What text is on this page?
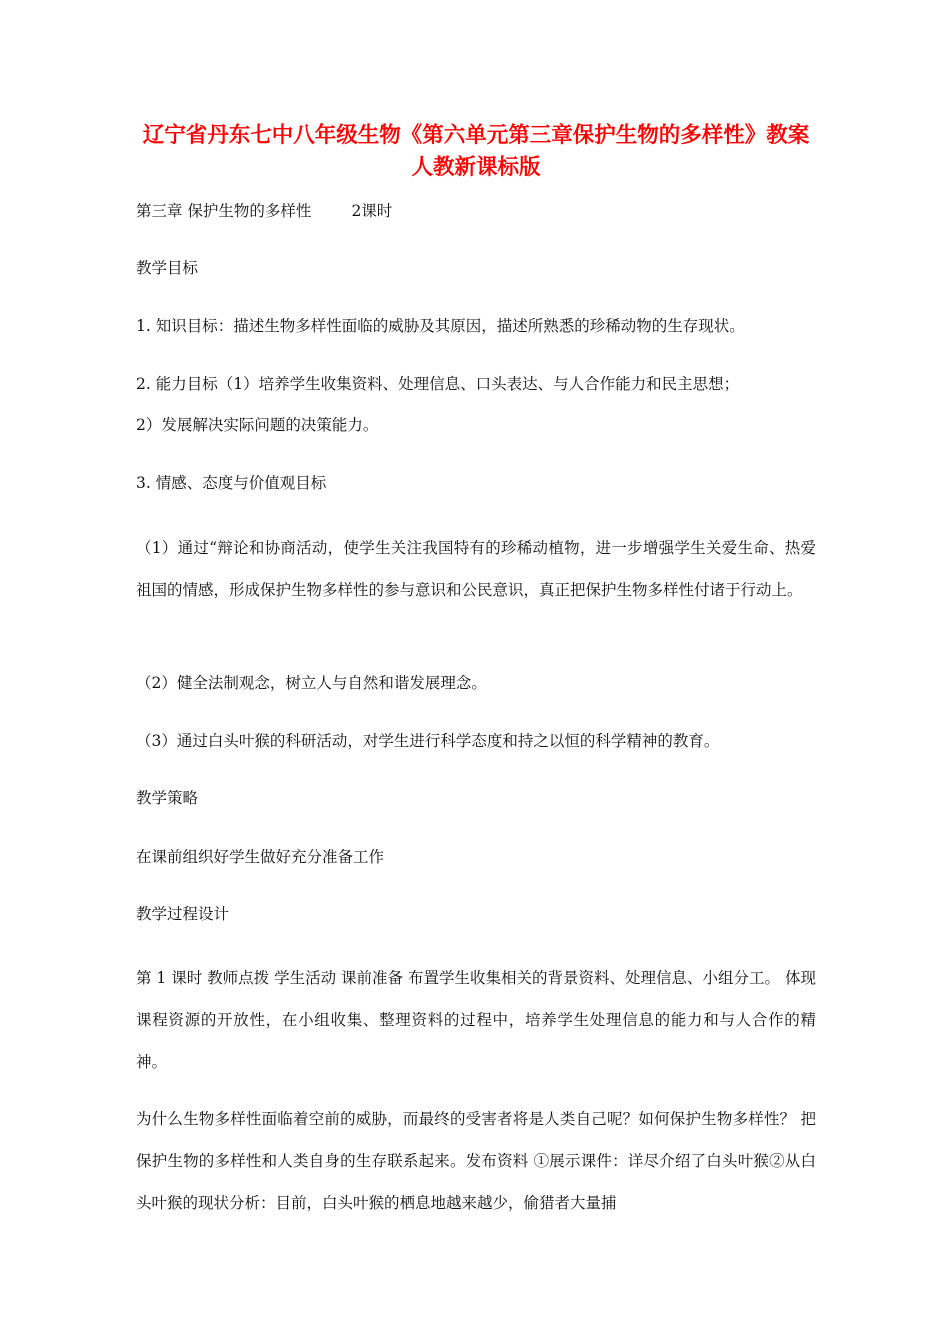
辽宁省丹东七中八年级生物《第六单元第三章保护生物的多样性》教案 人教新课标版

第三章 保护生物的多样性	2课时

教学目标

1. 知识目标：描述生物多样性面临的威胁及其原因，描述所熟悉的珍稀动物的生存现状。

2. 能力目标（1）培养学生收集资料、处理信息、口头表达、与人合作能力和民主思想；

2）发展解决实际问题的决策能力。

3. 情感、态度与价值观目标

（1）通过“辩论和协商活动，使学生关注我国特有的珍稀动植物，进一步增强学生关爱生命、热爱祖国的情感，形成保护生物多样性的参与意识和公民意识，真正把保护生物多样性付诸于行动上。

（2）健全法制观念，树立人与自然和谐发展理念。

（3）通过白头叶猴的科研活动，对学生进行科学态度和持之以恒的科学精神的教育。

教学策略

在课前组织好学生做好充分准备工作

教学过程设计

第 1 课时 教师点拨 学生活动 课前准备 布置学生收集相关的背景资料、处理信息、小组分工。 体现课程资源的开放性，在小组收集、整理资料的过程中，培养学生处理信息的能力和与人合作的精神。

为什么生物多样性面临着空前的威胁，而最终的受害者将是人类自己呢？如何保护生物多样性？ 把保护生物的多样性和人类自身的生存联系起来。发布资料 ①展示课件：详尽介绍了白头叶猴②从白头叶猴的现状分析：目前，白头叶猴的栖息地越来越少，偷猎者大量捕
